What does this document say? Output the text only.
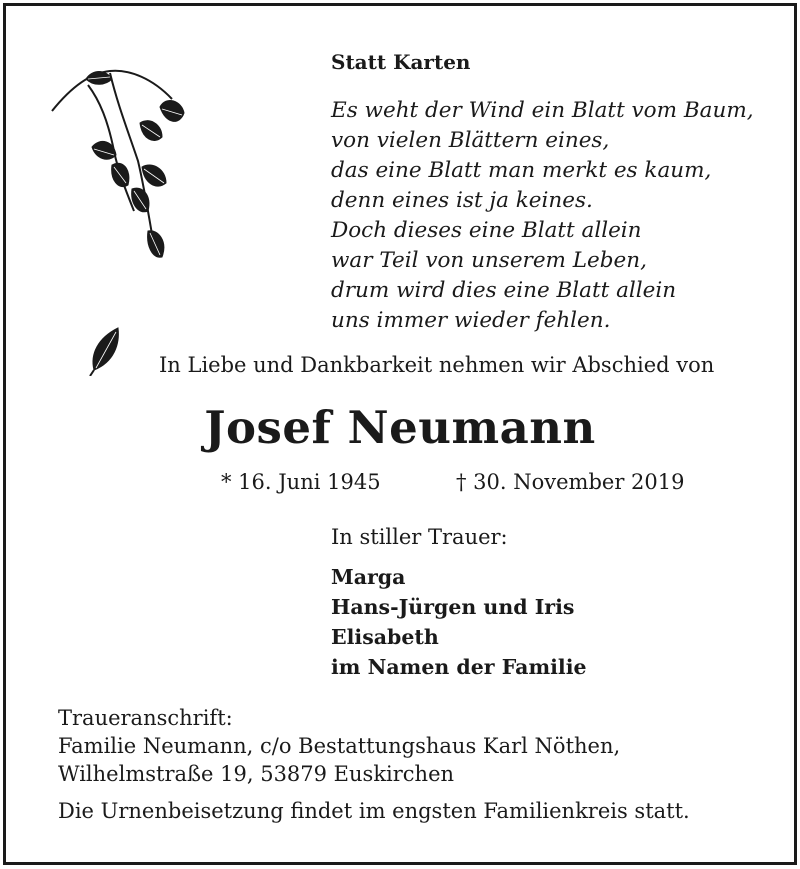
Statt Karten
Es weht der Wind ein Blatt vom Baum,
von vielen Blättern eines,
das eine Blatt man merkt es kaum,
denn eines ist ja keines.
Doch dieses eine Blatt allein
war Teil von unserem Leben,
drum wird dies eine Blatt allein
uns immer wieder fehlen.
In Liebe und Dankbarkeit nehmen wir Abschied von
Josef Neumann
* 16. Juni 1945	† 30. November 2019
In stiller Trauer:
Marga
Hans-Jürgen und Iris
Elisabeth
im Namen der Familie
Traueranschrift:
Familie Neumann, c/o Bestattungshaus Karl Nöthen,
Wilhelmstraße 19, 53879 Euskirchen
Die Urnenbeisetzung findet im engsten Familienkreis statt.
